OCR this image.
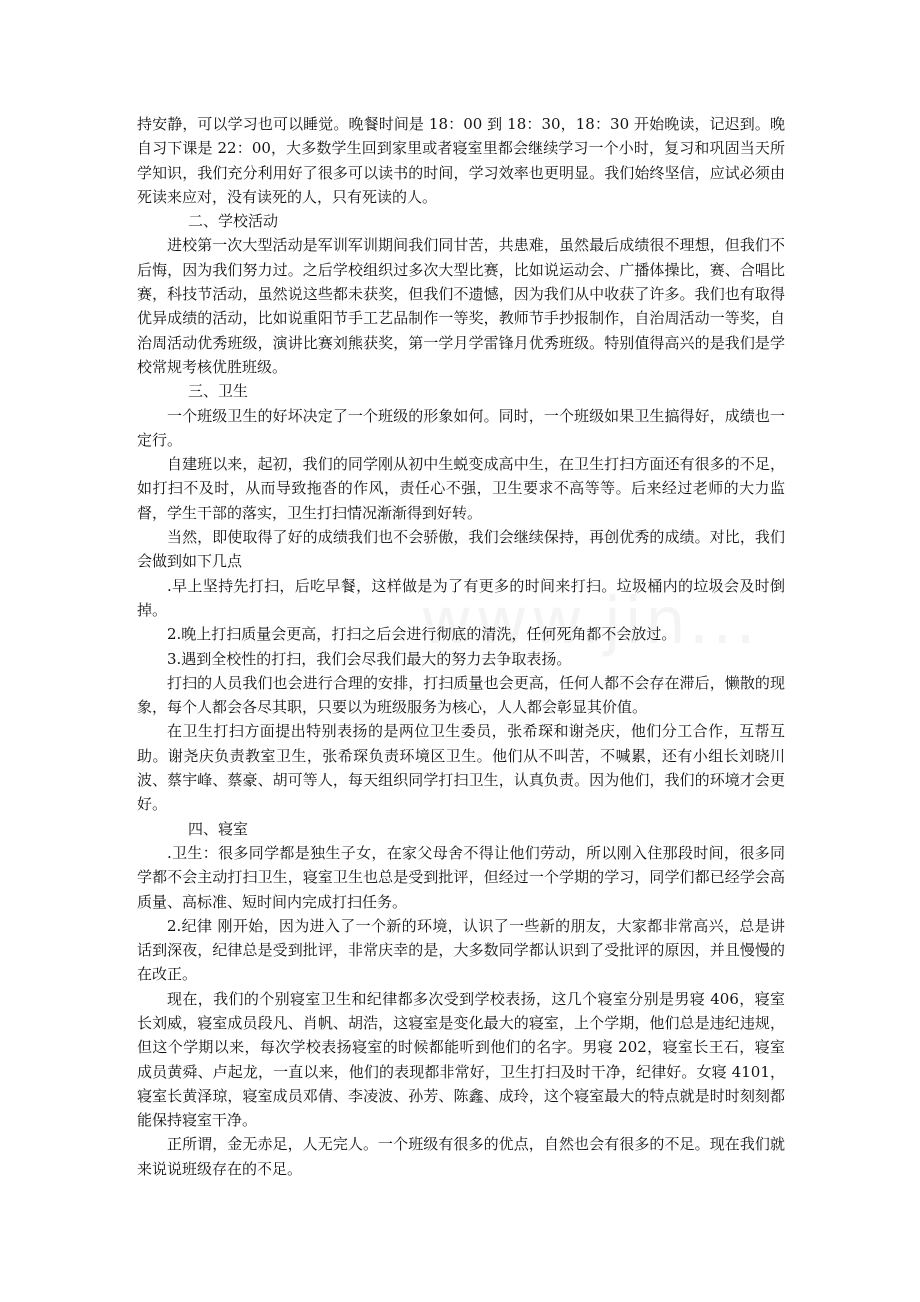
持安静，可以学习也可以睡觉。晚餐时间是 18：00 到 18：30，18：30 开始晚读，记迟到。晚自习下课是 22：00，大多数学生回到家里或者寝室里都会继续学习一个小时，复习和巩固当天所学知识，我们充分利用好了很多可以读书的时间，学习效率也更明显。我们始终坚信，应试必须由死读来应对，没有读死的人，只有死读的人。

二、学校活动

进校第一次大型活动是军训军训期间我们同甘苦，共患难，虽然最后成绩很不理想，但我们不后悔，因为我们努力过。之后学校组织过多次大型比赛，比如说运动会、广播体操比，赛、合唱比赛，科技节活动，虽然说这些都未获奖，但我们不遗憾，因为我们从中收获了许多。我们也有取得优异成绩的活动，比如说重阳节手工艺品制作一等奖，教师节手抄报制作，自治周活动一等奖，自治周活动优秀班级，演讲比赛刘熊获奖，第一学月学雷锋月优秀班级。特别值得高兴的是我们是学校常规考核优胜班级。

三、卫生

一个班级卫生的好坏决定了一个班级的形象如何。同时，一个班级如果卫生搞得好，成绩也一定行。

自建班以来，起初，我们的同学刚从初中生蜕变成高中生，在卫生打扫方面还有很多的不足，如打扫不及时，从而导致拖沓的作风，责任心不强，卫生要求不高等等。后来经过老师的大力监督，学生干部的落实，卫生打扫情况渐渐得到好转。

当然，即使取得了好的成绩我们也不会骄傲，我们会继续保持，再创优秀的成绩。对比，我们会做到如下几点

.早上坚持先打扫，后吃早餐，这样做是为了有更多的时间来打扫。垃圾桶内的垃圾会及时倒掉。

2.晚上打扫质量会更高，打扫之后会进行彻底的清洗，任何死角都不会放过。

3.遇到全校性的打扫，我们会尽我们最大的努力去争取表扬。

打扫的人员我们也会进行合理的安排，打扫质量也会更高，任何人都不会存在滞后，懒散的现象，每个人都会各尽其职，只要以为班级服务为核心，人人都会彰显其价值。

在卫生打扫方面提出特别表扬的是两位卫生委员，张希琛和谢尧庆，他们分工合作，互帮互助。谢尧庆负责教室卫生，张希琛负责环境区卫生。他们从不叫苦，不喊累，还有小组长刘晓川波、蔡宇峰、蔡豪、胡可等人，每天组织同学打扫卫生，认真负责。因为他们，我们的环境才会更好。

四、寝室

.卫生：很多同学都是独生子女，在家父母舍不得让他们劳动，所以刚入住那段时间，很多同学都不会主动打扫卫生，寝室卫生也总是受到批评，但经过一个学期的学习，同学们都已经学会高质量、高标准、短时间内完成打扫任务。

2.纪律 刚开始，因为进入了一个新的环境，认识了一些新的朋友，大家都非常高兴，总是讲话到深夜，纪律总是受到批评，非常庆幸的是，大多数同学都认识到了受批评的原因，并且慢慢的在改正。

现在，我们的个别寝室卫生和纪律都多次受到学校表扬，这几个寝室分别是男寝 406，寝室长刘威，寝室成员段凡、肖帆、胡浩，这寝室是变化最大的寝室，上个学期，他们总是违纪违规，但这个学期以来，每次学校表扬寝室的时候都能听到他们的名字。男寝 202，寝室长王石，寝室成员黄舜、卢起龙，一直以来，他们的表现都非常好，卫生打扫及时干净，纪律好。女寝 4101，寝室长黄泽琼，寝室成员邓倩、李凌波、孙芳、陈鑫、成玲，这个寝室最大的特点就是时时刻刻都能保持寝室干净。

正所谓，金无赤足，人无完人。一个班级有很多的优点，自然也会有很多的不足。现在我们就来说说班级存在的不足。
